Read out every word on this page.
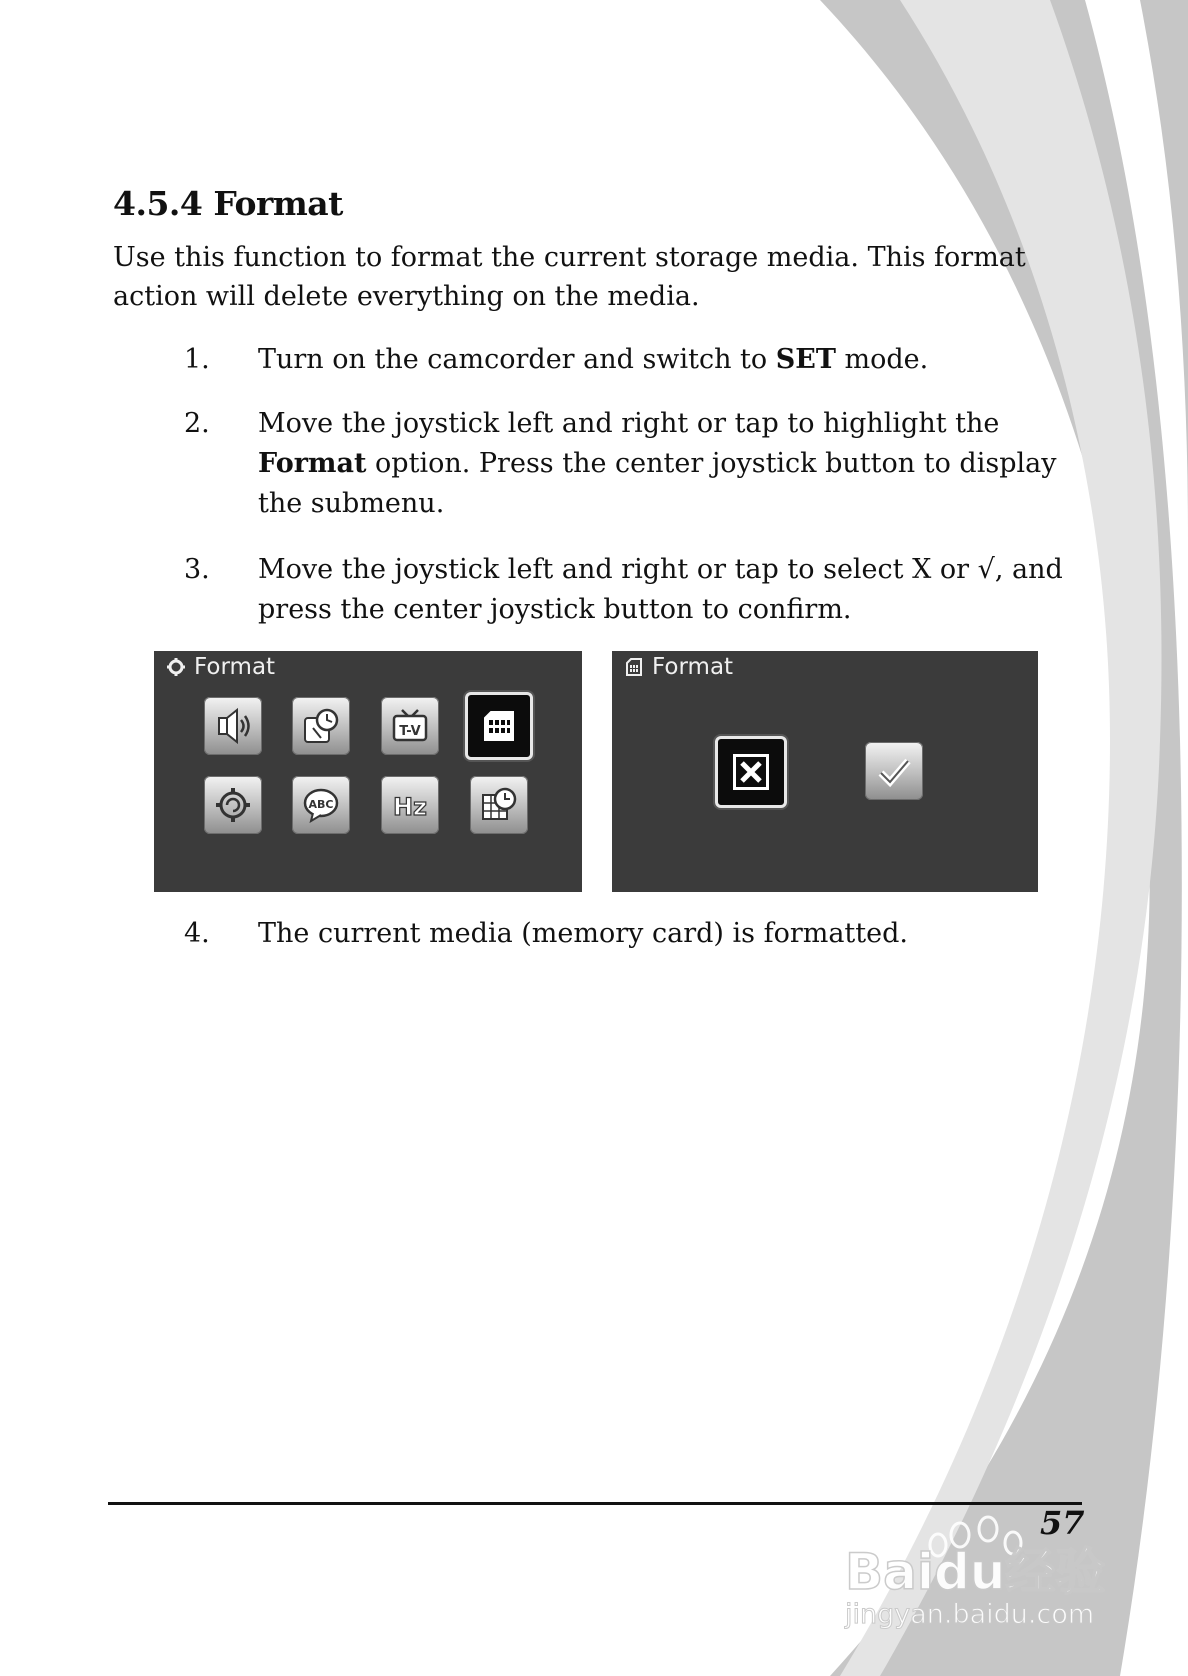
4.5.4 Format
Use this function to format the current storage media. This format action will delete everything on the media.
1.	Turn on the camcorder and switch to SET mode.
2.	Move the joystick left and right or tap to highlight the Format option. Press the center joystick button to display the submenu.
3.	Move the joystick left and right or tap to select X or √, and press the center joystick button to confirm.
Format
T-V
ABC Hz
Format
4.	The current media (memory card) is formatted.
57
Baidu经验
jingyan.baidu.com
